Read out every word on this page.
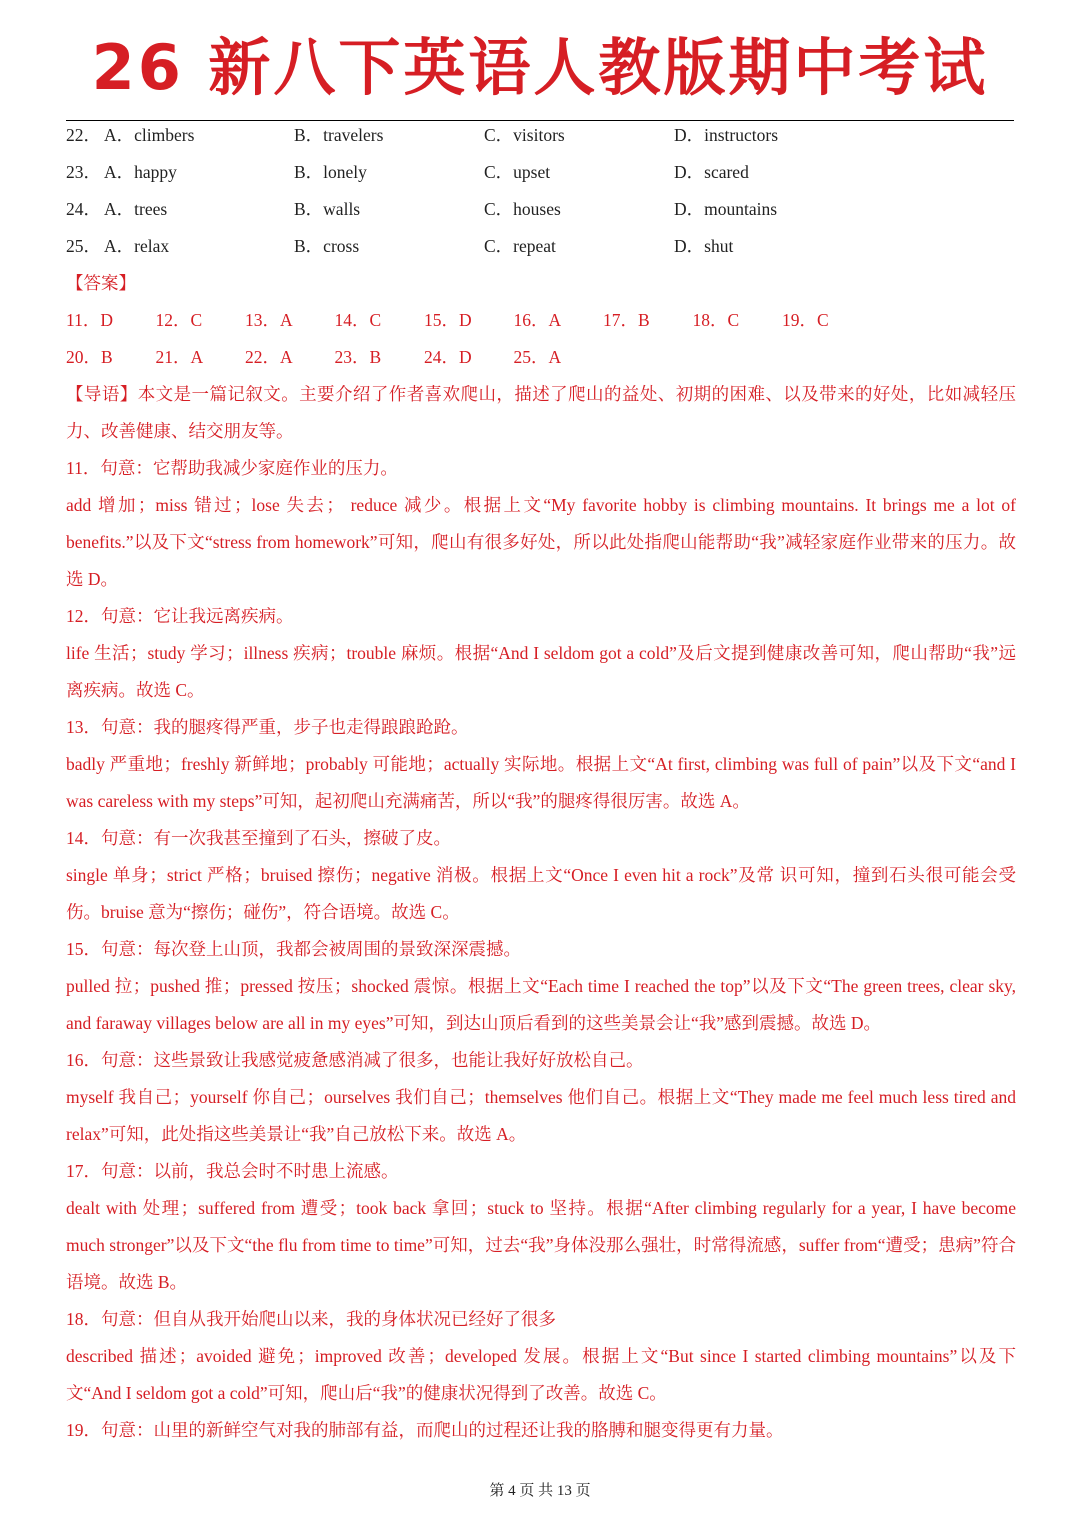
26 新八下英语人教版期中考试
22． A．climbers	B．travelers	C．visitors	D．instructors
23． A．happy	B．lonely	C．upset	D．scared
24． A．trees	B．walls	C．houses	D．mountains
25． A．relax	B．cross	C．repeat	D．shut
【答案】
11．D 12．C 13．A 14．C 15．D 16．A 17．B 18．C 19．C
20．B 21．A 22．A 23．B 24．D 25．A
【导语】本文是一篇记叙文。主要介绍了作者喜欢爬山，描述了爬山的益处、初期的困难、以及带来的好处，比如减轻压力、改善健康、结交朋友等。
11．句意：它帮助我减少家庭作业的压力。
add 增加；miss 错过；lose 失去； reduce 减少。根据上文“My favorite hobby is climbing mountains. It brings me a lot of benefits.”以及下文“stress from homework”可知，爬山有很多好处，所以此处指爬山能帮助“我”减轻家庭作业带来的压力。故选 D。
12．句意：它让我远离疾病。
life 生活；study 学习；illness 疾病；trouble 麻烦。根据“And I seldom got a cold”及后文提到健康改善可知，爬山帮助“我”远离疾病。故选 C。
13．句意：我的腿疼得严重，步子也走得踉踉跄跄。
badly 严重地；freshly 新鲜地；probably 可能地；actually 实际地。根据上文“At first, climbing was full of pain”以及下文“and I was careless with my steps”可知，起初爬山充满痛苦，所以“我”的腿疼得很厉害。故选 A。
14．句意：有一次我甚至撞到了石头，擦破了皮。
single 单身；strict 严格；bruised 擦伤；negative 消极。根据上文“Once I even hit a rock”及常 识可知，撞到石头很可能会受伤。bruise 意为“擦伤；碰伤”，符合语境。故选 C。
15．句意：每次登上山顶，我都会被周围的景致深深震撼。
pulled 拉；pushed 推；pressed 按压；shocked 震惊。根据上文“Each time I reached the top”以及下文“The green trees, clear sky, and faraway villages below are all in my eyes”可知，到达山顶后看到的这些美景会让“我”感到震撼。故选 D。
16．句意：这些景致让我感觉疲惫感消减了很多，也能让我好好放松自己。
myself 我自己；yourself 你自己；ourselves 我们自己；themselves 他们自己。根据上文“They made me feel much less tired and relax”可知，此处指这些美景让“我”自己放松下来。故选 A。
17．句意：以前，我总会时不时患上流感。
dealt with 处理；suffered from 遭受；took back 拿回；stuck to 坚持。根据“After climbing regularly for a year, I have become much stronger”以及下文“the flu from time to time”可知，过去“我”身体没那么强壮，时常得流感，suffer from“遭受；患病”符合语境。故选 B。
18．句意：但自从我开始爬山以来，我的身体状况已经好了很多
described 描述；avoided 避免；improved 改善；developed 发展。根据上文“But since I started climbing mountains”以及下文“And I seldom got a cold”可知，爬山后“我”的健康状况得到了改善。故选 C。
19．句意：山里的新鲜空气对我的肺部有益，而爬山的过程还让我的胳膊和腿变得更有力量。
第 4 页 共 13 页
